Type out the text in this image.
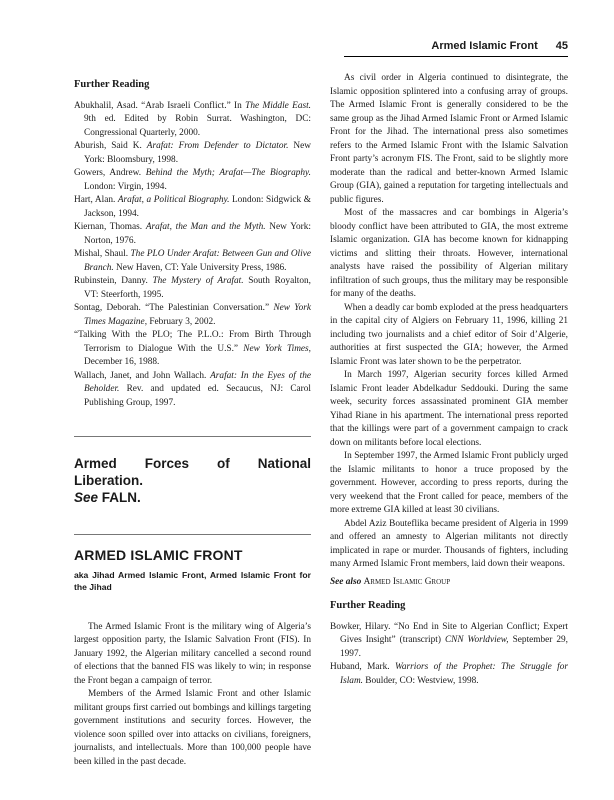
Armed Islamic Front 45
Further Reading

Abukhalil, Asad. “Arab Israeli Conflict.” In The Middle East. 9th ed. Edited by Robin Surrat. Washington, DC: Congressional Quarterly, 2000.

Aburish, Said K. Arafat: From Defender to Dictator. New York: Bloomsbury, 1998.

Gowers, Andrew. Behind the Myth; Arafat—The Biography. London: Virgin, 1994.

Hart, Alan. Arafat, a Political Biography. London: Sidgwick & Jackson, 1994.

Kiernan, Thomas. Arafat, the Man and the Myth. New York: Norton, 1976.

Mishal, Shaul. The PLO Under Arafat: Between Gun and Olive Branch. New Haven, CT: Yale University Press, 1986.

Rubinstein, Danny. The Mystery of Arafat. South Royalton, VT: Steerforth, 1995.

Sontag, Deborah. “The Palestinian Conversation.” New York Times Magazine, February 3, 2002.

“Talking With the PLO; The P.L.O.: From Birth Through Terrorism to Dialogue With the U.S.” New York Times, December 16, 1988.

Wallach, Janet, and John Wallach. Arafat: In the Eyes of the Beholder. Rev. and updated ed. Secaucus, NJ: Carol Publishing Group, 1997.

Armed Forces of National Liberation.
See FALN.

ARMED ISLAMIC FRONT

aka Jihad Armed Islamic Front, Armed Islamic Front for the Jihad

The Armed Islamic Front is the military wing of Algeria’s largest opposition party, the Islamic Salvation Front (FIS). In January 1992, the Algerian military cancelled a second round of elections that the banned FIS was likely to win; in response the Front began a campaign of terror.

Members of the Armed Islamic Front and other Islamic militant groups first carried out bombings and killings targeting government institutions and security forces. However, the violence soon spilled over into attacks on civilians, foreigners, journalists, and intellectuals. More than 100,000 people have been killed in the past decade.

As civil order in Algeria continued to disintegrate, the Islamic opposition splintered into a confusing array of groups. The Armed Islamic Front is generally considered to be the same group as the Jihad Armed Islamic Front or Armed Islamic Front for the Jihad. The international press also sometimes refers to the Armed Islamic Front with the Islamic Salvation Front party’s acronym FIS. The Front, said to be slightly more moderate than the radical and better-known Armed Islamic Group (GIA), gained a reputation for targeting intellectuals and public figures.

Most of the massacres and car bombings in Algeria’s bloody conflict have been attributed to GIA, the most extreme Islamic organization. GIA has become known for kidnapping victims and slitting their throats. However, international analysts have raised the possibility of Algerian military infiltration of such groups, thus the military may be responsible for many of the deaths.

When a deadly car bomb exploded at the press headquarters in the capital city of Algiers on February 11, 1996, killing 21 including two journalists and a chief editor of Soir d’Algerie, authorities at first suspected the GIA; however, the Armed Islamic Front was later shown to be the perpetrator.

In March 1997, Algerian security forces killed Armed Islamic Front leader Abdelkadur Seddouki. During the same week, security forces assassinated prominent GIA member Yihad Riane in his apartment. The international press reported that the killings were part of a government campaign to crack down on militants before local elections.

In September 1997, the Armed Islamic Front publicly urged the Islamic militants to honor a truce proposed by the government. However, according to press reports, during the very weekend that the Front called for peace, members of the more extreme GIA killed at least 30 civilians.

Abdel Aziz Bouteflika became president of Algeria in 1999 and offered an amnesty to Algerian militants not directly implicated in rape or murder. Thousands of fighters, including many Armed Islamic Front members, laid down their weapons.

See also Armed Islamic Group

Further Reading

Bowker, Hilary. “No End in Site to Algerian Conflict; Expert Gives Insight” (transcript) CNN Worldview, September 29, 1997.

Huband, Mark. Warriors of the Prophet: The Struggle for Islam. Boulder, CO: Westview, 1998.
